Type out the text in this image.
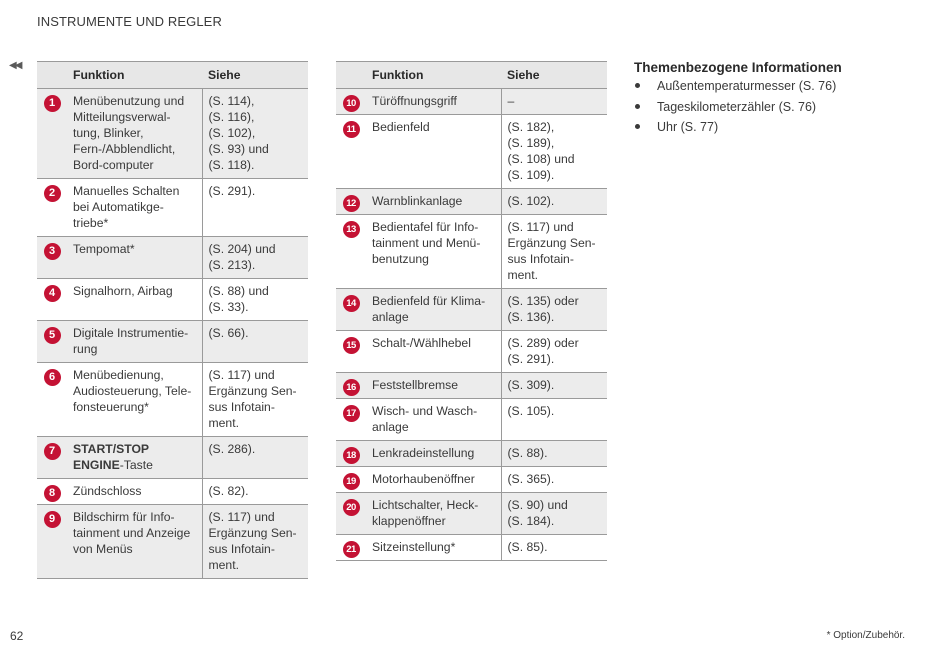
INSTRUMENTE UND REGLER
◀◀
	Funktion	Siehe
1	Menübenutzung und Mitteilungsverwal-tung, Blinker, Fern-/Abblendlicht, Bord-computer	(S. 114),
(S. 116),
(S. 102),
(S. 93) und
(S. 118).

2	Manuelles Schalten bei Automatikge-triebe*	(S. 291).

3	Tempomat*	(S. 204) und
(S. 213).

4	Signalhorn, Airbag	(S. 88) und
(S. 33).

5	Digitale Instrumentie-rung	(S. 66).

6	Menübedienung, Audiosteuerung, Tele-fonsteuerung*	(S. 117) und
Ergänzung Sen-
sus Infotain-
ment.

7	START/STOP ENGINE-Taste	(S. 286).

8	Zündschloss	(S. 82).

9	Bildschirm für Info-tainment und Anzeige von Menüs	(S. 117) und
Ergänzung Sen-
sus Infotain-
ment.
	Funktion	Siehe
10	Türöffnungsgriff	–

11	Bedienfeld	(S. 182),
(S. 189),
(S. 108) und
(S. 109).

12	Warnblinkanlage	(S. 102).

13	Bedientafel für Info-tainment und Menü-benutzung	(S. 117) und
Ergänzung Sen-
sus Infotain-
ment.

14	Bedienfeld für Klima-anlage	(S. 135) oder
(S. 136).

15	Schalt-/Wählhebel	(S. 289) oder
(S. 291).

16	Feststellbremse	(S. 309).

17	Wisch- und Wasch-anlage	(S. 105).

18	Lenkradeinstellung	(S. 88).

19	Motorhaubenöffner	(S. 365).

20	Lichtschalter, Heck-klappenöffner	(S. 90) und
(S. 184).

21	Sitzeinstellung*	(S. 85).
Themenbezogene Informationen
Außentemperaturmesser (S. 76)
Tageskilometerzähler (S. 76)
Uhr (S. 77)
62	* Option/Zubehör.
